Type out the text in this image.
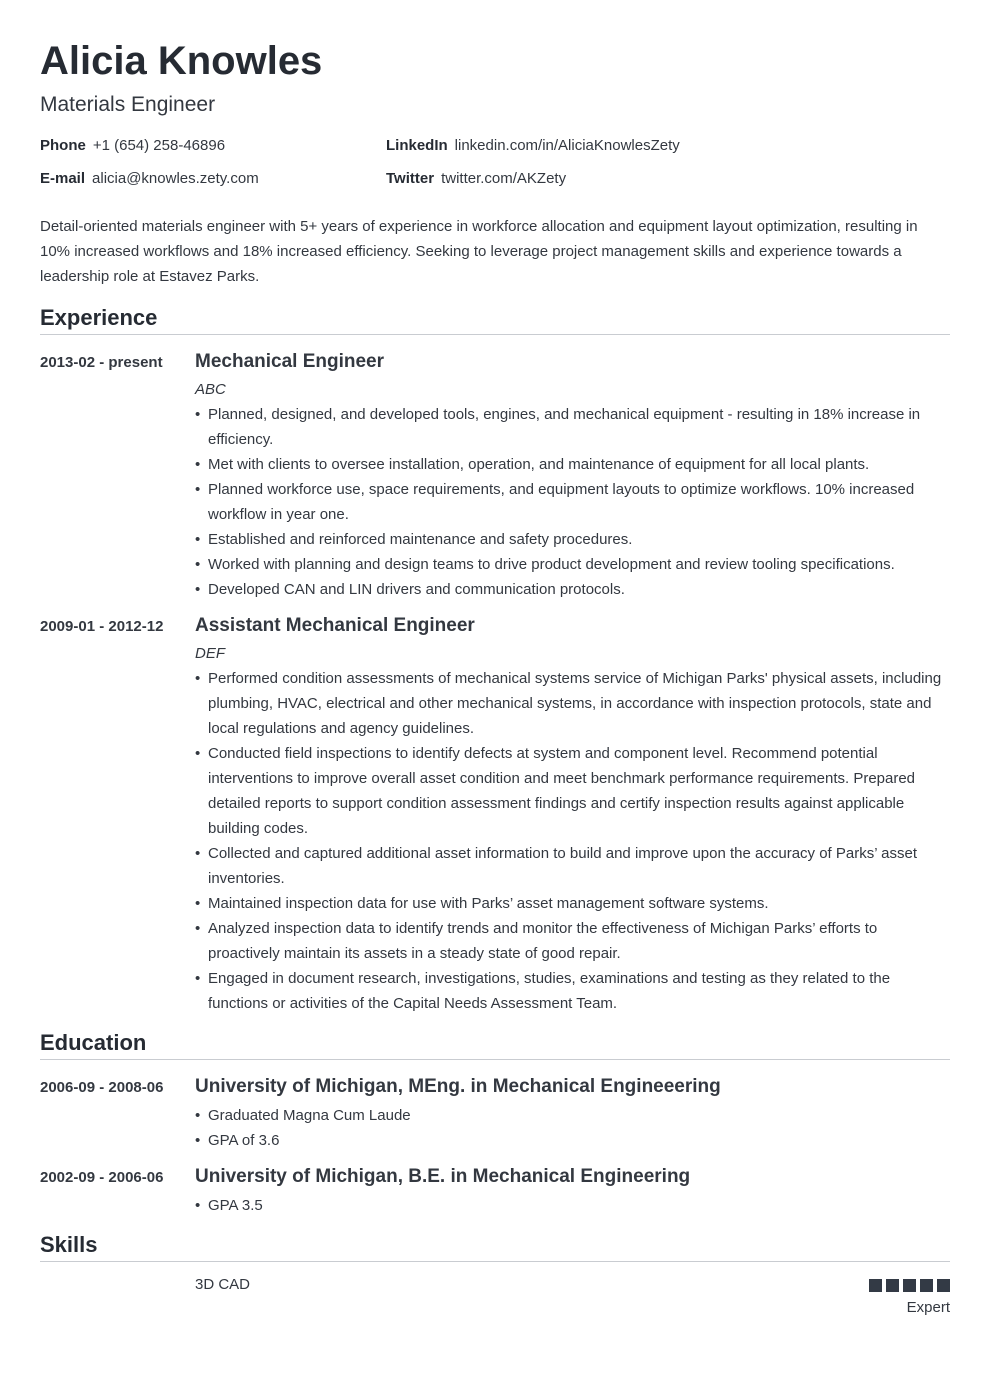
Alicia Knowles
Materials Engineer
Phone +1 (654) 258-46896	LinkedIn linkedin.com/in/AliciaKnowlesZety
E-mail alicia@knowles.zety.com	Twitter twitter.com/AKZety
Detail-oriented materials engineer with 5+ years of experience in workforce allocation and equipment layout optimization, resulting in 10% increased workflows and 18% increased efficiency. Seeking to leverage project management skills and experience towards a leadership role at Estavez Parks.
Experience
2013-02 - present	Mechanical Engineer
ABC
• Planned, designed, and developed tools, engines, and mechanical equipment - resulting in 18% increase in efficiency.
• Met with clients to oversee installation, operation, and maintenance of equipment for all local plants.
• Planned workforce use, space requirements, and equipment layouts to optimize workflows. 10% increased workflow in year one.
• Established and reinforced maintenance and safety procedures.
• Worked with planning and design teams to drive product development and review tooling specifications.
• Developed CAN and LIN drivers and communication protocols.
2009-01 - 2012-12	Assistant Mechanical Engineer
DEF
• Performed condition assessments of mechanical systems service of Michigan Parks' physical assets, including plumbing, HVAC, electrical and other mechanical systems, in accordance with inspection protocols, state and local regulations and agency guidelines.
• Conducted field inspections to identify defects at system and component level. Recommend potential interventions to improve overall asset condition and meet benchmark performance requirements. Prepared detailed reports to support condition assessment findings and certify inspection results against applicable building codes.
• Collected and captured additional asset information to build and improve upon the accuracy of Parks’ asset inventories.
• Maintained inspection data for use with Parks’ asset management software systems.
• Analyzed inspection data to identify trends and monitor the effectiveness of Michigan Parks’ efforts to proactively maintain its assets in a steady state of good repair.
• Engaged in document research, investigations, studies, examinations and testing as they related to the functions or activities of the Capital Needs Assessment Team.
Education
2006-09 - 2008-06	University of Michigan, MEng. in Mechanical Engineeering
• Graduated Magna Cum Laude
• GPA of 3.6
2002-09 - 2006-06	University of Michigan, B.E. in Mechanical Engineering
• GPA 3.5
Skills
3D CAD
Expert
